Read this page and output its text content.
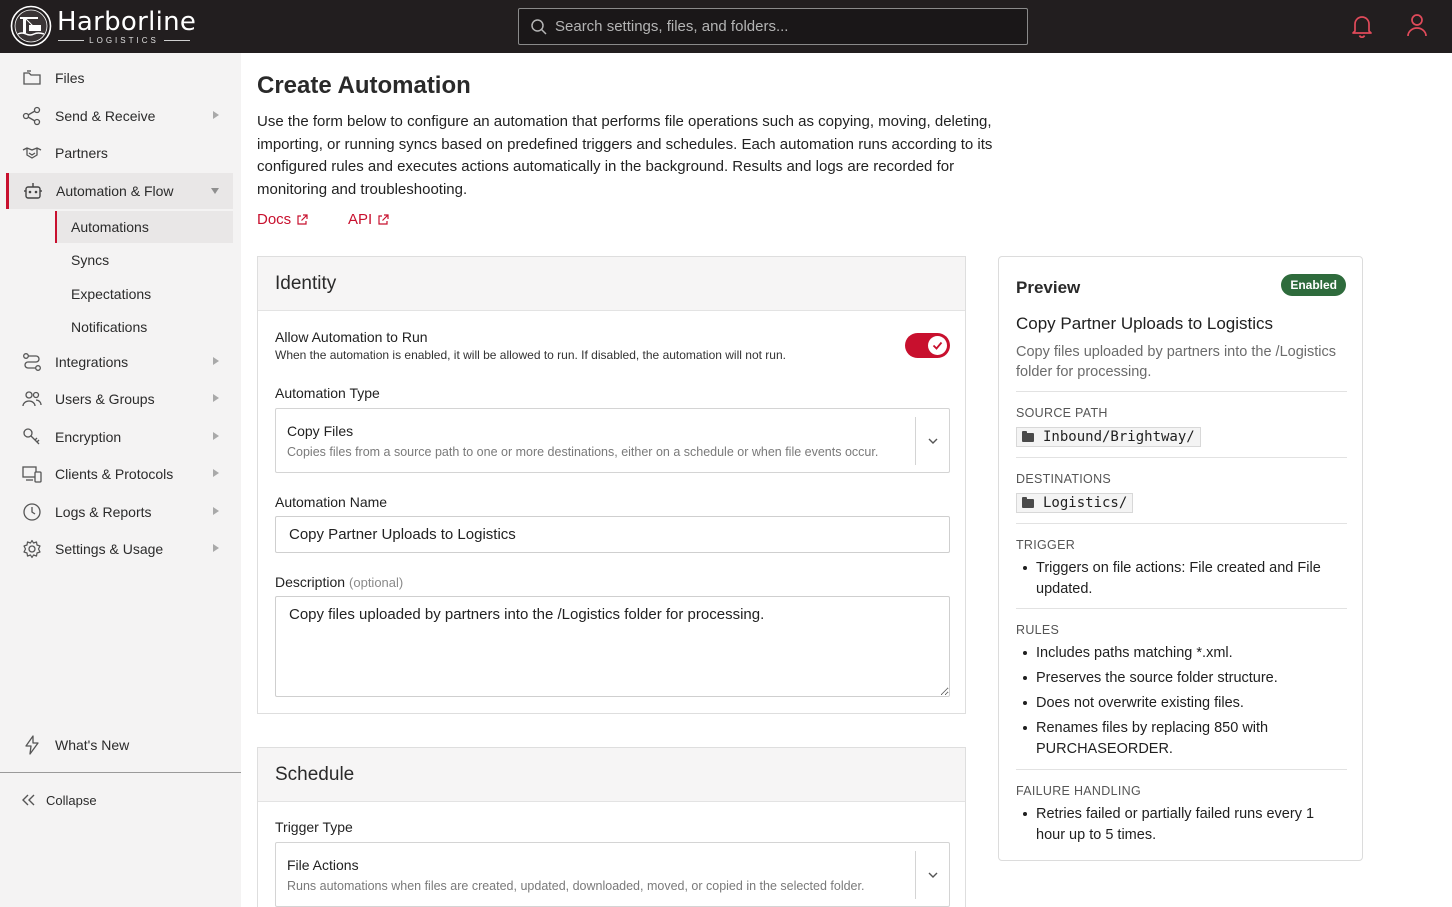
Harborline
LOGISTICS
Search settings, files, and folders...
Files
Send & Receive
Partners
Automation & Flow
Automations
Syncs
Expectations
Notifications
Integrations
Users & Groups
Encryption
Clients & Protocols
Logs & Reports
Settings & Usage
What's New
Collapse
Create Automation
Use the form below to configure an automation that performs file operations such as copying, moving, deleting, importing, or running syncs based on predefined triggers and schedules. Each automation runs according to its configured rules and executes actions automatically in the background. Results and logs are recorded for monitoring and troubleshooting.
Docs	API
Identity
Allow Automation to Run
When the automation is enabled, it will be allowed to run. If disabled, the automation will not run.
Automation Type
Copy Files
Copies files from a source path to one or more destinations, either on a schedule or when file events occur.
Automation Name
Copy Partner Uploads to Logistics
Description (optional)
Copy files uploaded by partners into the /Logistics folder for processing.
Schedule
Trigger Type
File Actions
Runs automations when files are created, updated, downloaded, moved, or copied in the selected folder.
Preview	Enabled
Copy Partner Uploads to Logistics
Copy files uploaded by partners into the /Logistics folder for processing.
SOURCE PATH
Inbound/Brightway/
DESTINATIONS
Logistics/
TRIGGER
Triggers on file actions: File created and File updated.
RULES
Includes paths matching *.xml.
Preserves the source folder structure.
Does not overwrite existing files.
Renames files by replacing 850 with PURCHASEORDER.
FAILURE HANDLING
Retries failed or partially failed runs every 1 hour up to 5 times.
